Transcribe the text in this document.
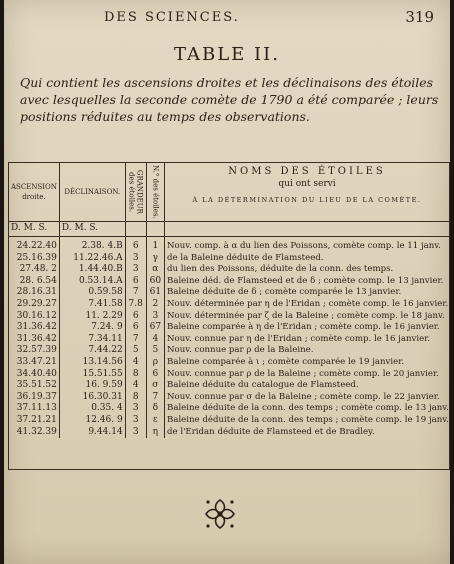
DES SCIENCES.	319
TABLE II.
Qui contient les ascensions droites et les déclinaisons des étoiles avec lesquelles la seconde comète de 1790 a été comparée ; leurs positions réduites au temps des observations.
ASCENSION droite.	DÉCLINAISON.	GRANDEUR des étoiles.	N.° des étoiles.	NOMS DES ÉTOILES
qui ont servi
À LA DÉTERMINATION DU LIEU DE LA COMÈTE.

D. M. S.	D. M. S.			
24.22.40	2.38. 4.B	6	1	Nouv. comp. à α du lien des Poissons, comète comp. le 11 janv.
25.16.39	11.22.46.A	3	γ	de la Baleine déduite de Flamsteed.
27.48. 2	1.44.40.B	3	α	du lien des Poissons, déduite de la conn. des temps.
28. 6.54	0.53.14.A	6	60	Baleine déd. de Flamsteed et de δ ; comète comp. le 13 janvier.
28.16.31	0.59.58	7	61	Baleine déduite de δ ; comète comparée le 13 janvier.
29.29.27	7.41.58	7.8	2	Nouv. déterminée par η de l'Éridan ; comète comp. le 16 janvier.
30.16.12	11. 2.29	6	3	Nouv. déterminée par ζ de la Baleine ; comète comp. le 18 janv.
31.36.42	7.24. 9	6	67	Baleine comparée à η de l'Éridan ; comète comp. le 16 janvier.
31.36.42	7.34.11	7	4	Nouv. connue par η de l'Éridan ; comète comp. le 16 janvier.
32.57.39	7.44.22	5	5	Nouv. connue par ρ de la Baleine.
33.47.21	13.14.56	4	ρ	Baleine comparée à ι ; comète comparée le 19 janvier.
34.40.40	15.51.55	8	6	Nouv. connue par ρ de la Baleine ; comète comp. le 20 janvier.
35.51.52	16. 9.59	4	σ	Baleine déduite du catalogue de Flamsteed.
36.19.37	16.30.31	8	7	Nouv. connue par σ de la Baleine ; comète comp. le 22 janvier.
37.11.13	0.35. 4	3	δ	Baleine déduite de la conn. des temps ; comète comp. le 13 janv.
37.21.21	12.46. 9	3	ε	Baleine déduite de la conn. des temps ; comète comp. le 19 janv.
41.32.39	9.44.14	3	η	de l'Éridan déduite de Flamsteed et de Bradley.
